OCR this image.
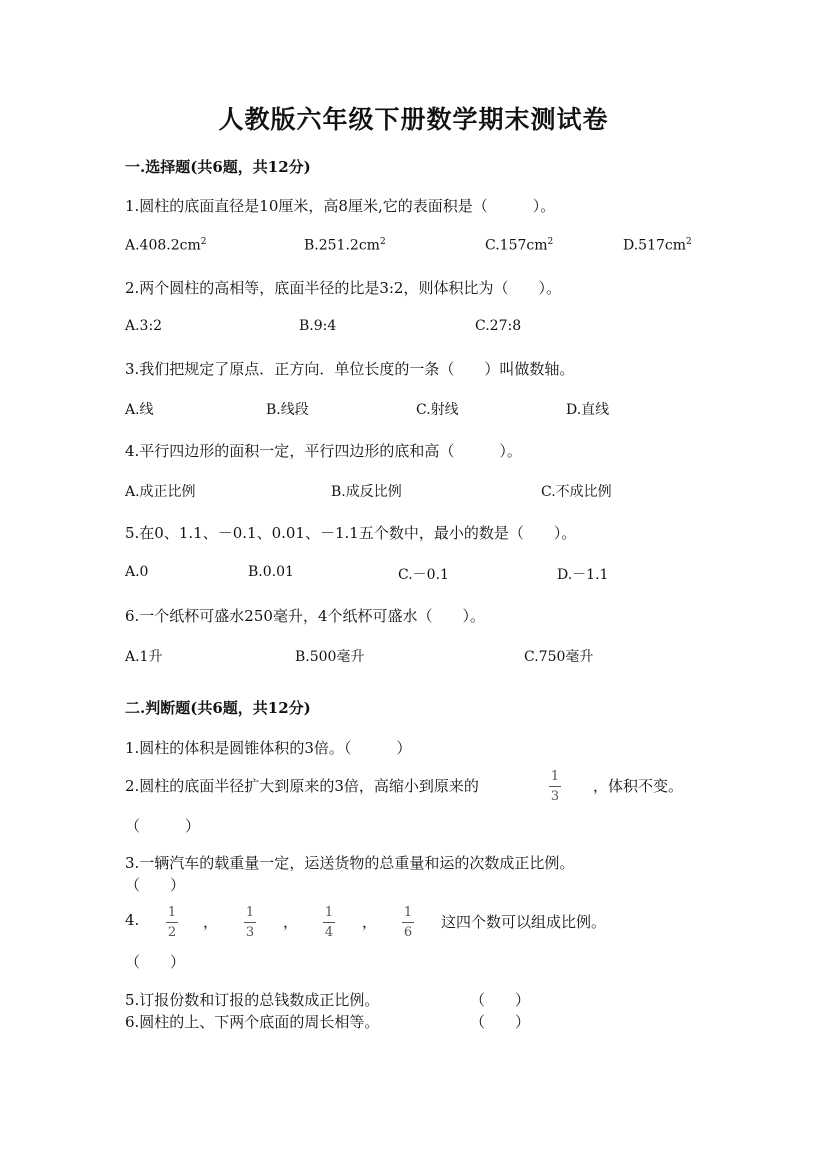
人教版六年级下册数学期末测试卷
一.选择题(共6题，共12分)
1.圆柱的底面直径是10厘米，高8厘米,它的表面积是（　　　）。
$A.408.2cm^2$	$B.251.2cm^2$	$C.157cm^2$	$D.517cm^2$
2.两个圆柱的高相等，底面半径的比是3:2，则体积比为（　　）。
A.3:2	B.9:4	C.27:8
3.我们把规定了原点．正方向．单位长度的一条（　　）叫做数轴。
A.线	B.线段	C.射线	D.直线
4.平行四边形的面积一定，平行四边形的底和高（　　　）。
A.成正比例	B.成反比例	C.不成比例
5.在0、1.1、－0.1、0.01、－1.1五个数中，最小的数是（　　）。
A.0	B.0.01	C.－0.1	D.－1.1
6.一个纸杯可盛水250毫升，4个纸杯可盛水（　　）。
A.1升	B.500毫升	C.750毫升
二.判断题(共6题，共12分)
1.圆柱的体积是圆锥体积的3倍。（　　　）
2.圆柱的底面半径扩大到原来的3倍，高缩小到原来的
1
3
，体积不变。
（　　　）
3.一辆汽车的载重量一定，运送货物的总重量和运的次数成正比例。
（　　）
4. 1
2
，
1
3
，
1
4
，
1
6
这四个数可以组成比例。
（　　）
5.订报份数和订报的总钱数成正比例。	（　　）
6.圆柱的上、下两个底面的周长相等。	（　　）
